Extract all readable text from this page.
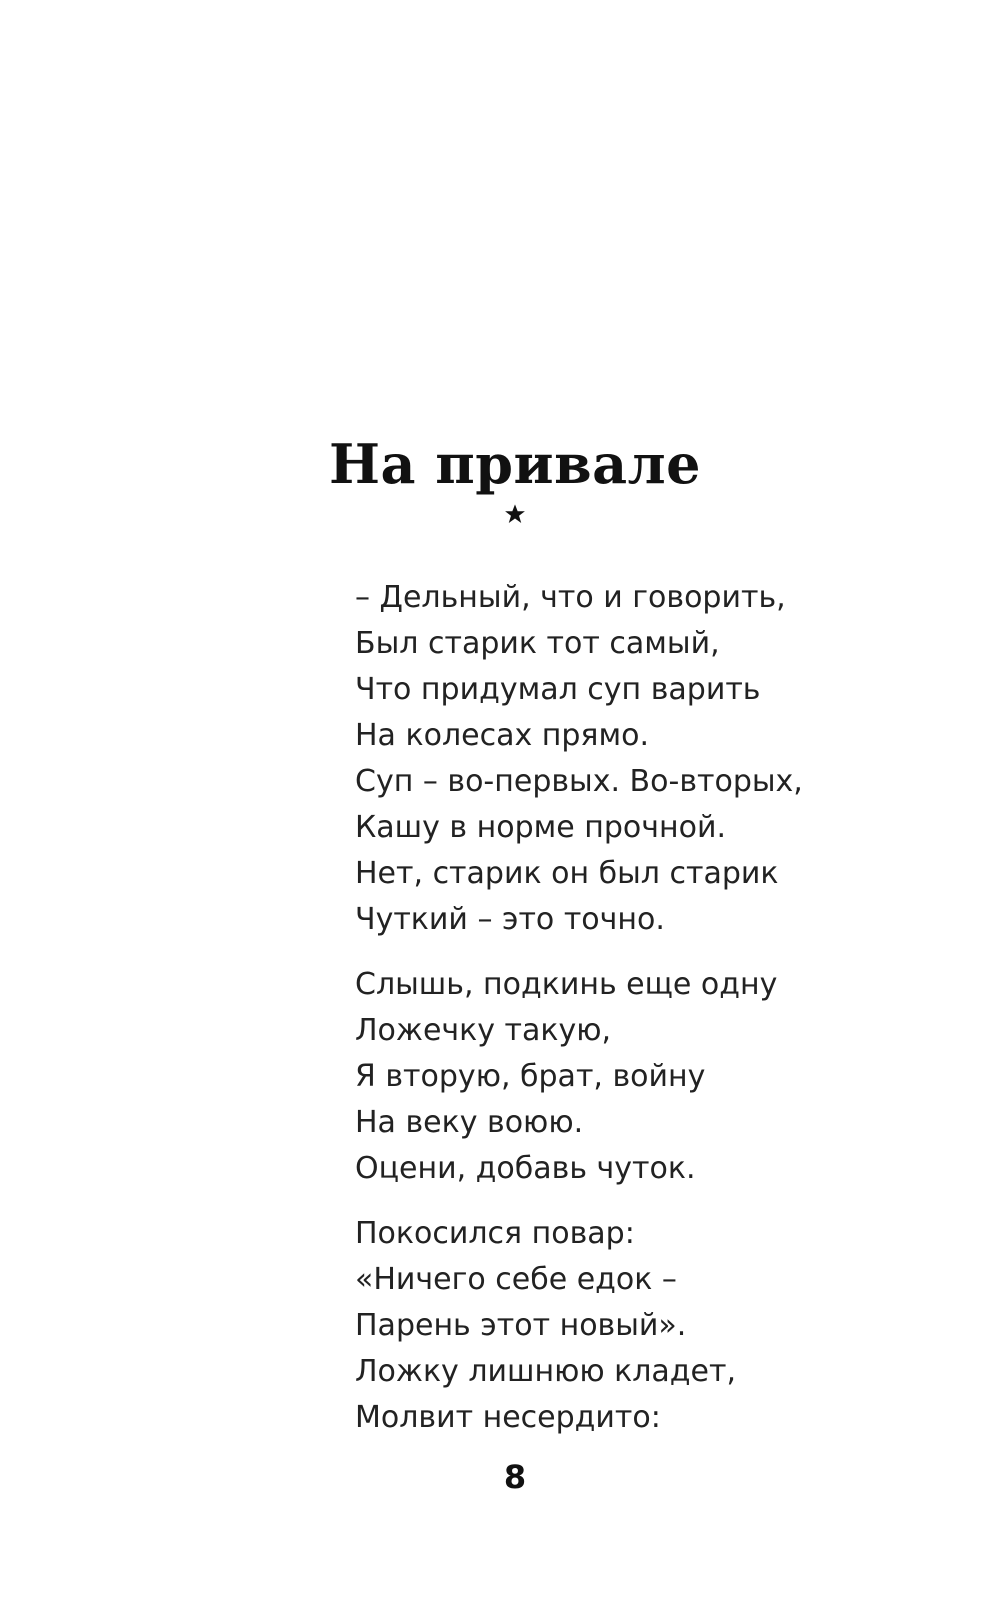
На привале
– Дельный, что и говорить,
Был старик тот самый,
Что придумал суп варить
На колесах прямо.
Суп – во-первых. Во-вторых,
Кашу в норме прочной.
Нет, старик он был старик
Чуткий – это точно.
Слышь, подкинь еще одну
Ложечку такую,
Я вторую, брат, войну
На веку воюю.
Оцени, добавь чуток.
Покосился повар:
«Ничего себе едок –
Парень этот новый».
Ложку лишнюю кладет,
Молвит несердито:
8
